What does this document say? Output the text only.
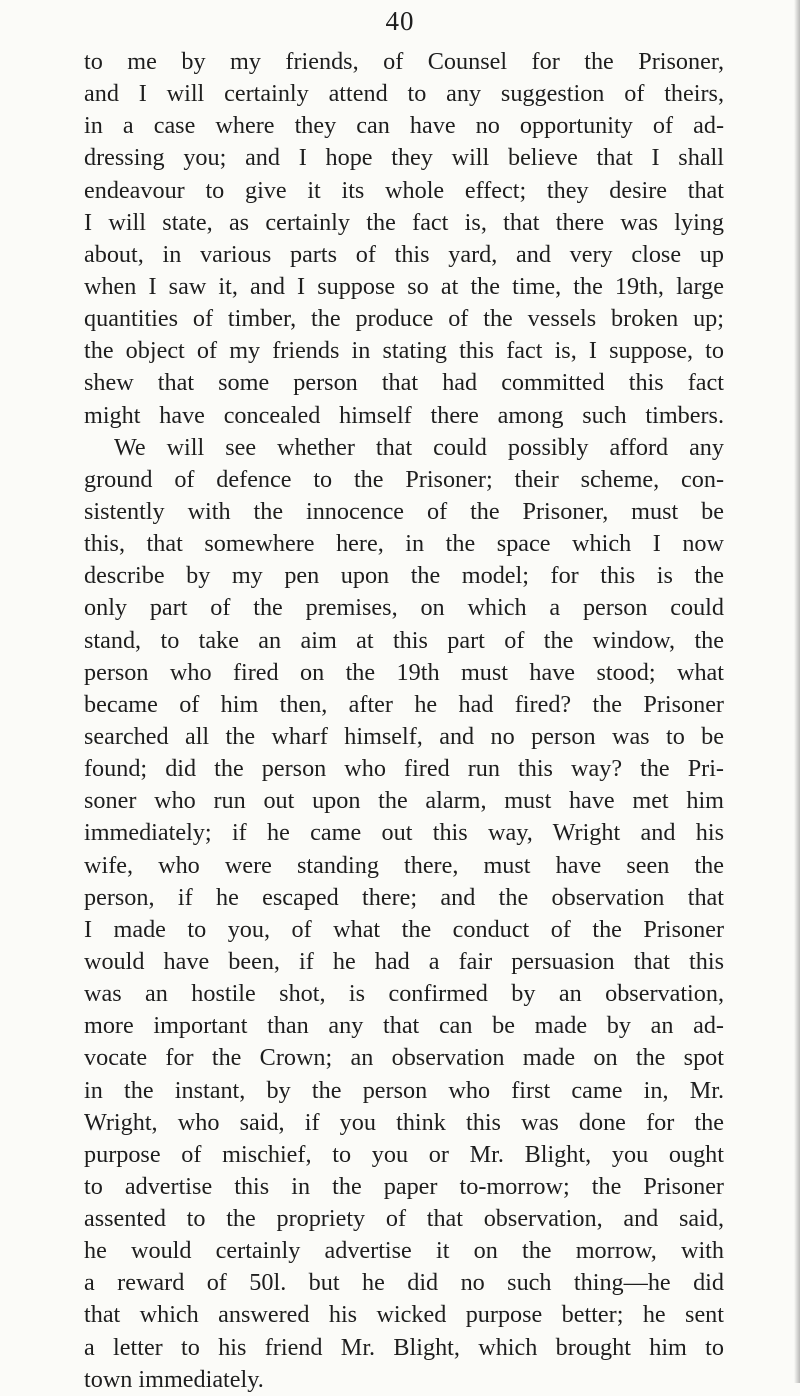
40
to me by my friends, of Counsel for the Prisoner,
and I will certainly attend to any suggestion of theirs,
in a case where they can have no opportunity of ad-
dressing you; and I hope they will believe that I shall
endeavour to give it its whole effect; they desire that
I will state, as certainly the fact is, that there was lying
about, in various parts of this yard, and very close up
when I saw it, and I suppose so at the time, the 19th, large
quantities of timber, the produce of the vessels broken up;
the object of my friends in stating this fact is, I suppose, to
shew that some person that had committed this fact
might have concealed himself there among such timbers.
We will see whether that could possibly afford any
ground of defence to the Prisoner; their scheme, con-
sistently with the innocence of the Prisoner, must be
this, that somewhere here, in the space which I now
describe by my pen upon the model; for this is the
only part of the premises, on which a person could
stand, to take an aim at this part of the window, the
person who fired on the 19th must have stood; what
became of him then, after he had fired? the Prisoner
searched all the wharf himself, and no person was to be
found; did the person who fired run this way? the Pri-
soner who run out upon the alarm, must have met him
immediately; if he came out this way, Wright and his
wife, who were standing there, must have seen the
person, if he escaped there; and the observation that
I made to you, of what the conduct of the Prisoner
would have been, if he had a fair persuasion that this
was an hostile shot, is confirmed by an observation,
more important than any that can be made by an ad-
vocate for the Crown; an observation made on the spot
in the instant, by the person who first came in, Mr.
Wright, who said, if you think this was done for the
purpose of mischief, to you or Mr. Blight, you ought
to advertise this in the paper to-morrow; the Prisoner
assented to the propriety of that observation, and said,
he would certainly advertise it on the morrow, with
a reward of 50l. but he did no such thing—he did
that which answered his wicked purpose better; he sent
a letter to his friend Mr. Blight, which brought him to
town immediately.
